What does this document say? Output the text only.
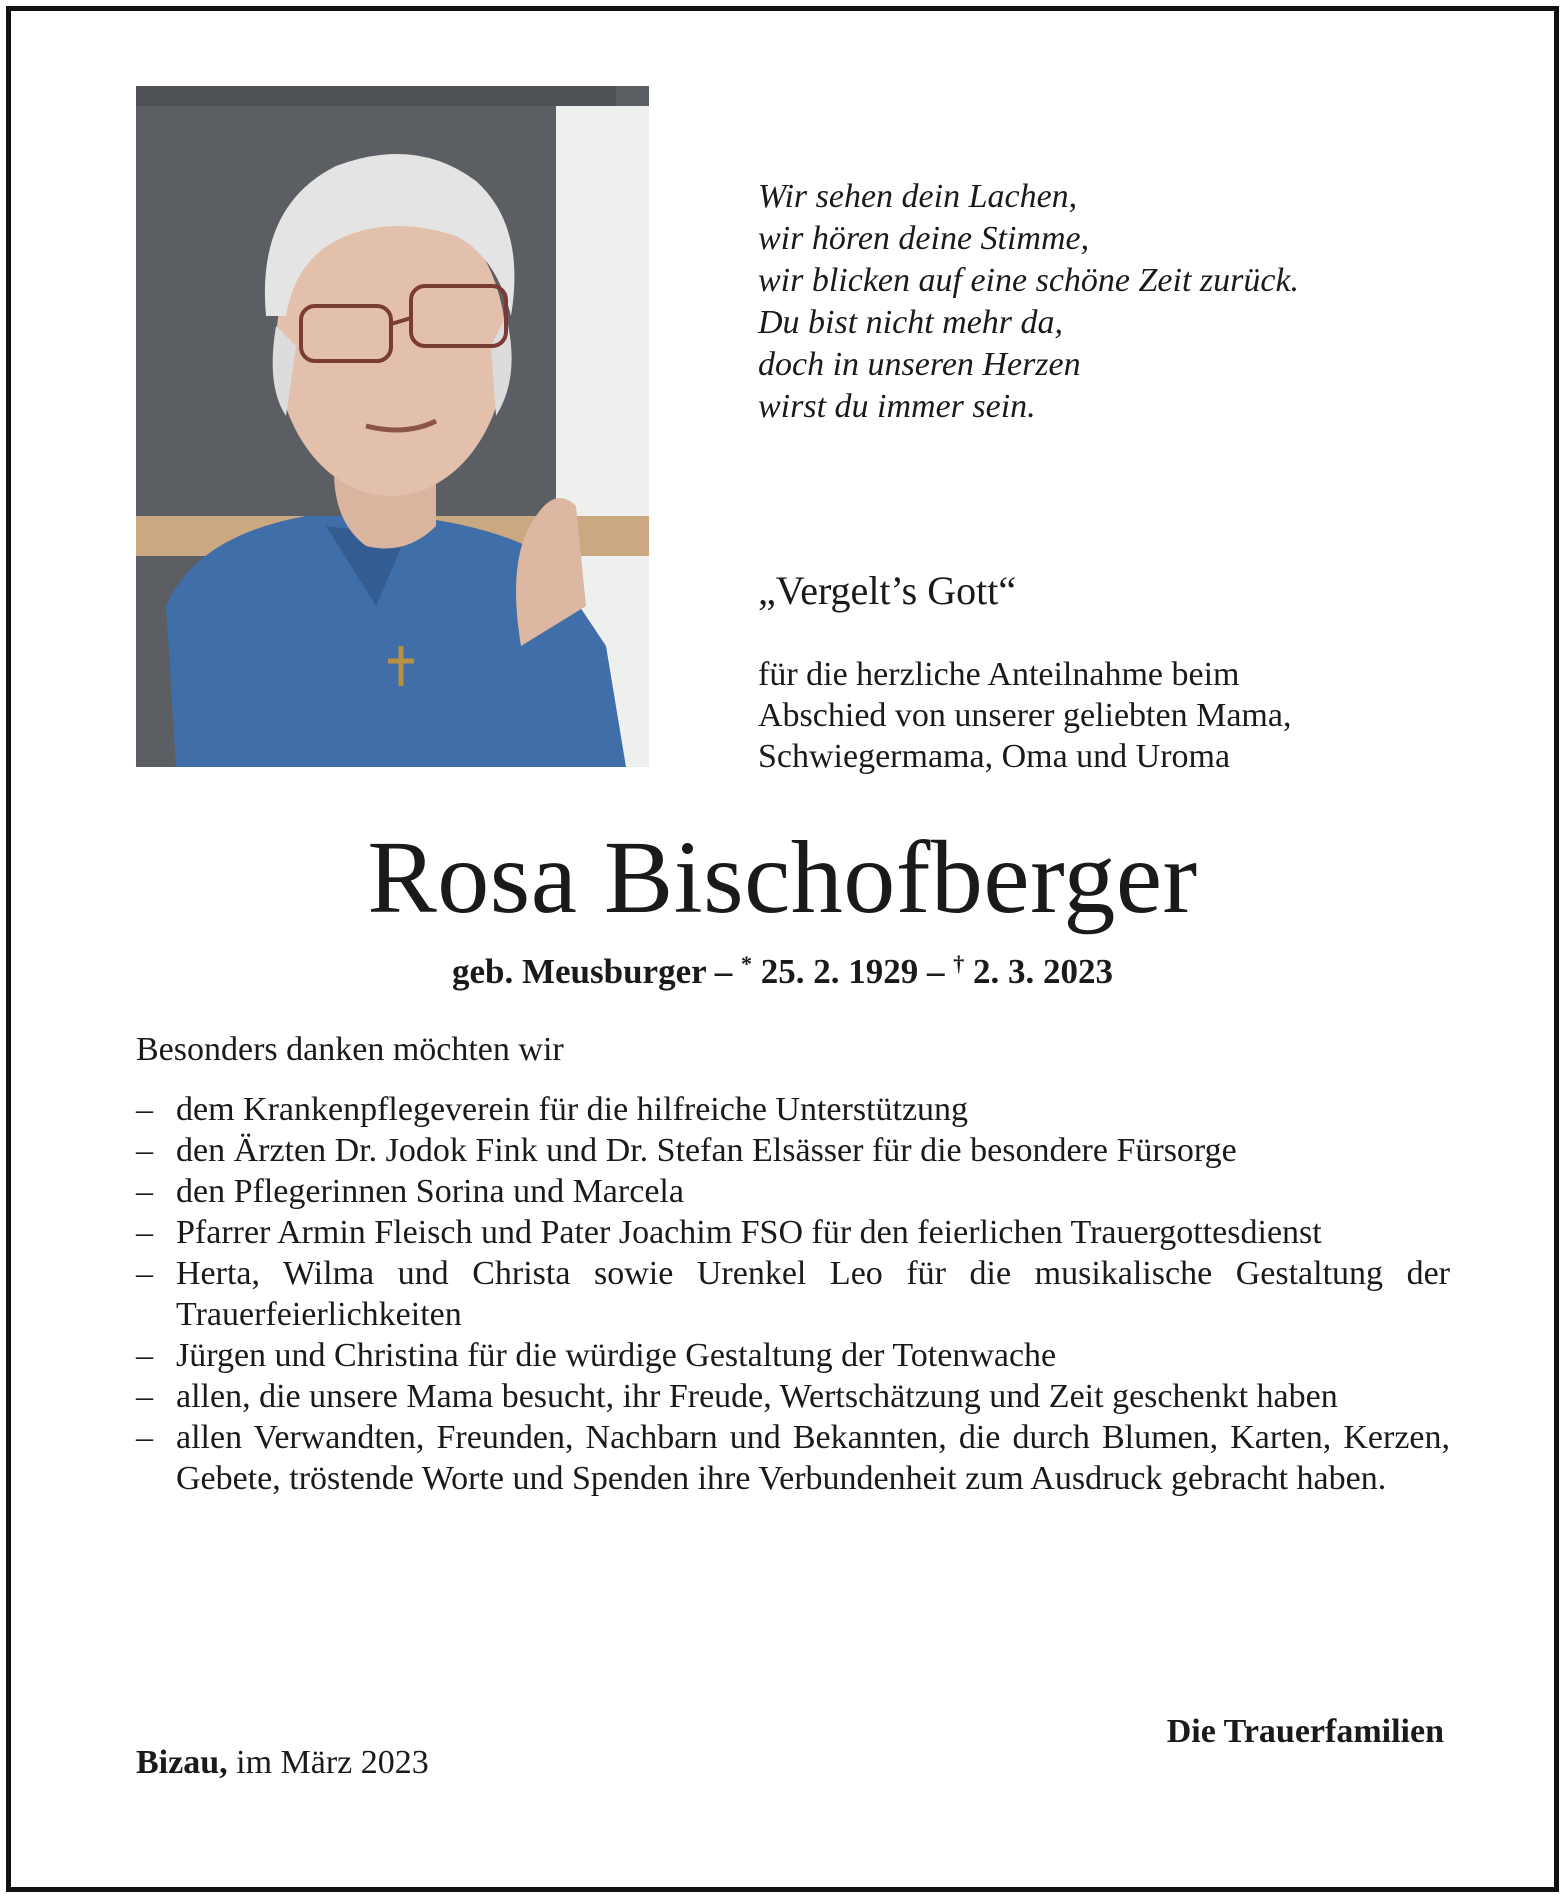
Wir sehen dein Lachen,
wir hören deine Stimme,
wir blicken auf eine schöne Zeit zurück.
Du bist nicht mehr da,
doch in unseren Herzen
wirst du immer sein.
„Vergelt’s Gott“
für die herzliche Anteilnahme beim
Abschied von unserer geliebten Mama,
Schwiegermama, Oma und Uroma
Rosa Bischofberger
geb. Meusburger – * 25. 2. 1929 – † 2. 3. 2023
Besonders danken möchten wir
– dem Krankenpflegeverein für die hilfreiche Unterstützung
– den Ärzten Dr. Jodok Fink und Dr. Stefan Elsässer für die besondere Fürsorge
– den Pflegerinnen Sorina und Marcela
– Pfarrer Armin Fleisch und Pater Joachim FSO für den feierlichen Trauergottesdienst
– Herta, Wilma und Christa sowie Urenkel Leo für die musikalische Gestaltung der Trauerfeierlichkeiten
– Jürgen und Christina für die würdige Gestaltung der Totenwache
– allen, die unsere Mama besucht, ihr Freude, Wertschätzung und Zeit geschenkt haben
– allen Verwandten, Freunden, Nachbarn und Bekannten, die durch Blumen, Karten, Kerzen, Gebete, tröstende Worte und Spenden ihre Verbundenheit zum Ausdruck gebracht haben.
Die Trauerfamilien
Bizau, im März 2023
